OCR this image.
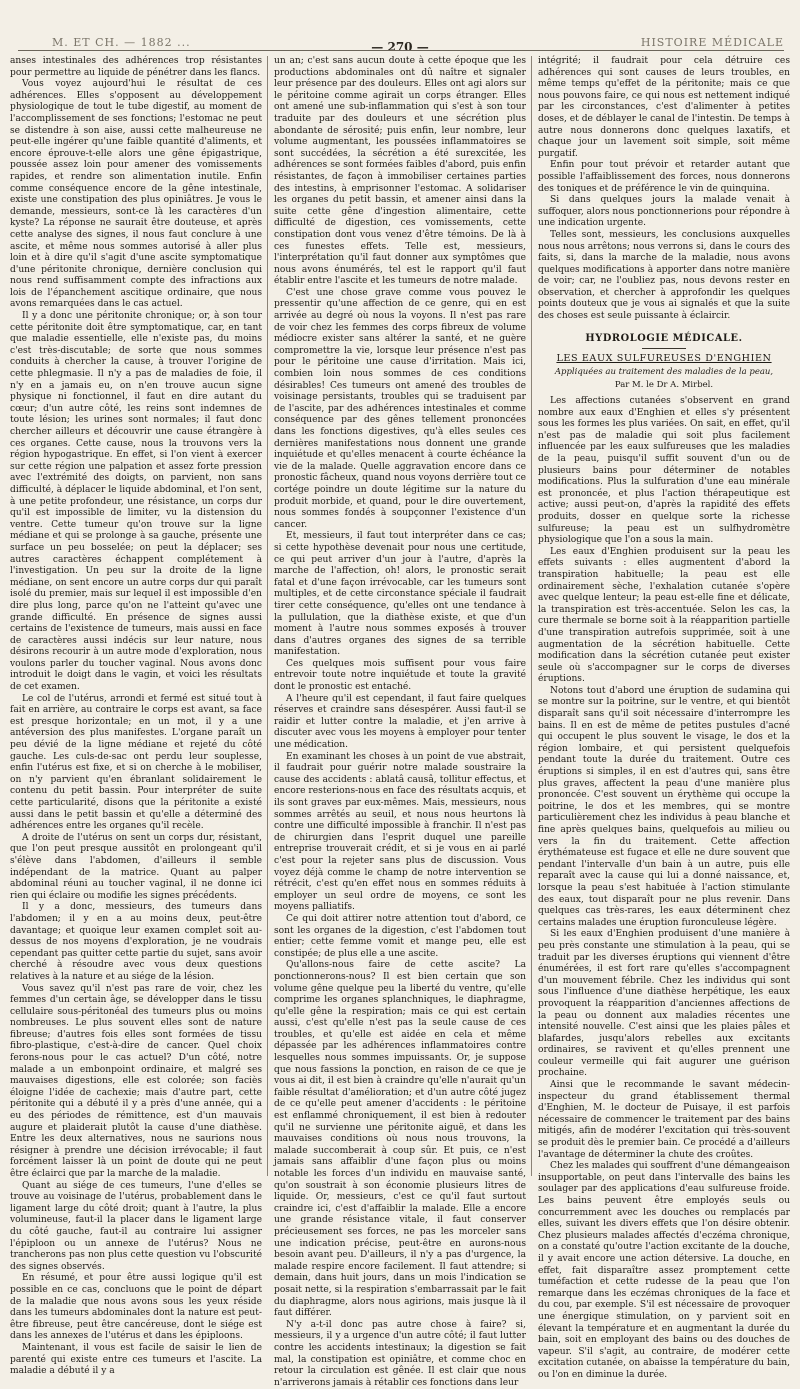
M. ET CH. — 1882 ...	— 270 —	HISTOIRE MÉDICALE

anses intestinales des adhérences trop résistantes pour permettre au liquide de pénétrer dans les flancs.

Vous voyez aujourd'hui le résultat de ces adhérences. Elles s'opposent au développement physiologique de tout le tube digestif, au moment de l'accomplissement de ses fonctions; l'estomac ne peut se distendre à son aise, aussi cette malheureuse ne peut-elle ingérer qu'une faible quantité d'aliments, et encore éprouve-t-elle alors une gêne épigastrique, poussée assez loin pour amener des vomissements rapides, et rendre son alimentation inutile. Enfin comme conséquence encore de la gêne intestinale, existe une constipation des plus opiniâtres. Je vous le demande, messieurs, sont-ce là les caractères d'un kyste? La réponse ne saurait être douteuse, et après cette analyse des signes, il nous faut conclure à une ascite, et même nous sommes autorisé à aller plus loin et à dire qu'il s'agit d'une ascite symptomatique d'une péritonite chronique, dernière conclusion qui nous rend suffisamment compte des infractions aux lois de l'épanchement ascitique ordinaire, que nous avons remarquées dans le cas actuel.

Il y a donc une péritonite chronique; or, à son tour cette péritonite doit être symptomatique, car, en tant que maladie essentielle, elle n'existe pas, du moins c'est très-discutable; de sorte que nous sommes conduits à chercher la cause, à trouver l'origine de cette phlegmasie. Il n'y a pas de maladies de foie, il n'y en a jamais eu, on n'en trouve aucun signe physique ni fonctionnel, il faut en dire autant du cœur; d'un autre côté, les reins sont indemnes de toute lésion; les urines sont normales; il faut donc chercher ailleurs et découvrir une cause étrangère à ces organes. Cette cause, nous la trouvons vers la région hypogastrique. En effet, si l'on vient à exercer sur cette région une palpation et assez forte pression avec l'extrémité des doigts, on parvient, non sans difficulté, à déplacer le liquide abdominal, et l'on sent, à une petite profondeur, une résistance, un corps dur qu'il est impossible de limiter, vu la distension du ventre. Cette tumeur qu'on trouve sur la ligne médiane et qui se prolonge à sa gauche, présente une surface un peu bosselée; on peut la déplacer; ses autres caractères échappent complétement à l'investigation. Un peu sur la droite de la ligne médiane, on sent encore un autre corps dur qui paraît isolé du premier, mais sur lequel il est impossible d'en dire plus long, parce qu'on ne l'atteint qu'avec une grande difficulté. En présence de signes aussi certains de l'existence de tumeurs, mais aussi en face de caractères aussi indécis sur leur nature, nous désirons recourir à un autre mode d'exploration, nous voulons parler du toucher vaginal. Nous avons donc introduit le doigt dans le vagin, et voici les résultats de cet examen.

Le col de l'utérus, arrondi et fermé est situé tout à fait en arrière, au contraire le corps est avant, sa face est presque horizontale; en un mot, il y a une antéversion des plus manifestes. L'organe paraît un peu dévié de la ligne médiane et rejeté du côté gauche. Les culs-de-sac ont perdu leur souplesse, enfin l'utérus est fixe, et si on cherche à le mobiliser, on n'y parvient qu'en ébranlant solidairement le contenu du petit bassin. Pour interpréter de suite cette particularité, disons que la péritonite a existé aussi dans le petit bassin et qu'elle a déterminé des adhérences entre les organes qu'il recèle.

A droite de l'utérus on sent un corps dur, résistant, que l'on peut presque aussitôt en prolongeant qu'il s'élève dans l'abdomen, d'ailleurs il semble indépendant de la matrice. Quant au palper abdominal réuni au toucher vaginal, il ne donne ici rien qui éclaire ou modifie les signes précédents.

Il y a donc, messieurs, des tumeurs dans l'abdomen; il y en a au moins deux, peut-être davantage; et quoique leur examen complet soit au-dessus de nos moyens d'exploration, je ne voudrais cependant pas quitter cette partie du sujet, sans avoir cherché à résoudre avec vous deux questions relatives à la nature et au siége de la lésion.

Vous savez qu'il n'est pas rare de voir, chez les femmes d'un certain âge, se développer dans le tissu cellulaire sous-péritonéal des tumeurs plus ou moins nombreuses. Le plus souvent elles sont de nature fibreuse; d'autres fois elles sont formées de tissu fibro-plastique, c'est-à-dire de cancer. Quel choix ferons-nous pour le cas actuel? D'un côté, notre malade a un embonpoint ordinaire, et malgré ses mauvaises digestions, elle est colorée; son faciès éloigne l'idée de cachexie; mais d'autre part, cette péritonite qui a débuté il y a près d'une année, qui a eu des périodes de rémittence, est d'un mauvais augure et plaiderait plutôt la cause d'une diathèse. Entre les deux alternatives, nous ne saurions nous résigner à prendre une décision irrévocable; il faut forcément laisser là un point de doute qui ne peut être éclairci que par la marche de la maladie.

Quant au siége de ces tumeurs, l'une d'elles se trouve au voisinage de l'utérus, probablement dans le ligament large du côté droit; quant à l'autre, la plus volumineuse, faut-il la placer dans le ligament large du côté gauche, faut-il au contraire lui assigner l'épiploon ou un annexe de l'utérus? Nous ne trancherons pas non plus cette question vu l'obscurité des signes observés.

En résumé, et pour être aussi logique qu'il est possible en ce cas, concluons que le point de départ de la maladie que nous avons sous les yeux réside dans les tumeurs abdominales dont la nature est peut-être fibreuse, peut être cancéreuse, dont le siége est dans les annexes de l'utérus et dans les épiploons.

Maintenant, il vous est facile de saisir le lien de parenté qui existe entre ces tumeurs et l'ascite. La maladie a débuté il y a

un an; c'est sans aucun doute à cette époque que les productions abdominales ont dû naître et signaler leur présence par des douleurs. Elles ont agi alors sur le péritoine comme agirait un corps étranger. Elles ont amené une sub-inflammation qui s'est à son tour traduite par des douleurs et une sécrétion plus abondante de sérosité; puis enfin, leur nombre, leur volume augmentant, les poussées inflammatoires se sont succédées, la sécrétion a été surexcitée, les adhérences se sont formées faibles d'abord, puis enfin résistantes, de façon à immobiliser certaines parties des intestins, à emprisonner l'estomac. A solidariser les organes du petit bassin, et amener ainsi dans la suite cette gêne d'ingestion alimentaire, cette difficulté de digestion, ces vomissements, cette constipation dont vous venez d'être témoins. De là à ces funestes effets. Telle est, messieurs, l'interprétation qu'il faut donner aux symptômes que nous avons énumérés, tel est le rapport qu'il faut établir entre l'ascite et les tumeurs de notre malade.

C'est une chose grave comme vous pouvez le pressentir qu'une affection de ce genre, qui en est arrivée au degré où nous la voyons. Il n'est pas rare de voir chez les femmes des corps fibreux de volume médiocre exister sans altérer la santé, et ne guère compromettre la vie, lorsque leur présence n'est pas pour le péritoine une cause d'irritation. Mais ici, combien loin nous sommes de ces conditions désirables! Ces tumeurs ont amené des troubles de voisinage persistants, troubles qui se traduisent par de l'ascite, par des adhérences intestinales et comme conséquence par des gênes tellement prononcées dans les fonctions digestives, qu'à elles seules ces dernières manifestations nous donnent une grande inquiétude et qu'elles menacent à courte échéance la vie de la malade. Quelle aggravation encore dans ce pronostic fâcheux, quand nous voyons derrière tout ce cortége poindre un doute légitime sur la nature du produit morbide, et quand, pour le dire ouvertement, nous sommes fondés à soupçonner l'existence d'un cancer.

Et, messieurs, il faut tout interpréter dans ce cas; si cette hypothèse devenait pour nous une certitude, ce qui peut arriver d'un jour à l'autre, d'après la marche de l'affection, oh! alors, le pronostic serait fatal et d'une façon irrévocable, car les tumeurs sont multiples, et de cette circonstance spéciale il faudrait tirer cette conséquence, qu'elles ont une tendance à la pullulation, que la diathèse existe, et que d'un moment à l'autre nous sommes exposés à trouver dans d'autres organes des signes de sa terrible manifestation.

Ces quelques mois suffisent pour vous faire entrevoir toute notre inquiétude et toute la gravité dont le pronostic est entaché.

A l'heure qu'il est cependant, il faut faire quelques réserves et craindre sans désespérer. Aussi faut-il se raidir et lutter contre la maladie, et j'en arrive à discuter avec vous les moyens à employer pour tenter une médication.

En examinant les choses à un point de vue abstrait, il faudrait pour guérir notre malade soustraire la cause des accidents : ablatâ causâ, tollitur effectus, et encore resterions-nous en face des résultats acquis, et ils sont graves par eux-mêmes. Mais, messieurs, nous sommes arrêtés au seuil, et nous nous heurtons là contre une difficulté impossible à franchir. Il n'est pas de chirurgien dans l'esprit duquel une pareille entreprise trouverait crédit, et si je vous en ai parlé c'est pour la rejeter sans plus de discussion. Vous voyez déjà comme le champ de notre intervention se rétrécit, c'est qu'en effet nous en sommes réduits à employer un seul ordre de moyens, ce sont les moyens palliatifs.

Ce qui doit attirer notre attention tout d'abord, ce sont les organes de la digestion, c'est l'abdomen tout entier; cette femme vomit et mange peu, elle est constipée; de plus elle a une ascite.

Qu'allons-nous faire de cette ascite? La ponctionnerons-nous? Il est bien certain que son volume gêne quelque peu la liberté du ventre, qu'elle comprime les organes splanchniques, le diaphragme, qu'elle gêne la respiration; mais ce qui est certain aussi, c'est qu'elle n'est pas la seule cause de ces troubles, et qu'elle est aidée en cela et même dépassée par les adhérences inflammatoires contre lesquelles nous sommes impuissants. Or, je suppose que nous fassions la ponction, en raison de ce que je vous ai dit, il est bien à craindre qu'elle n'aurait qu'un faible résultat d'amélioration; et d'un autre côté jugez de ce qu'elle peut amener d'accidents : le péritoine est enflammé chroniquement, il est bien à redouter qu'il ne survienne une péritonite aiguë, et dans les mauvaises conditions où nous nous trouvons, la malade succomberait à coup sûr. Et puis, ce n'est jamais sans affaiblir d'une façon plus ou moins notable les forces d'un individu en mauvaise santé, qu'on soustrait à son économie plusieurs litres de liquide. Or, messieurs, c'est ce qu'il faut surtout craindre ici, c'est d'affaiblir la malade. Elle a encore une grande résistance vitale, il faut conserver précieusement ses forces, ne pas les morceler sans une indication précise, peut-être en aurons-nous besoin avant peu. D'ailleurs, il n'y a pas d'urgence, la malade respire encore facilement. Il faut attendre; si demain, dans huit jours, dans un mois l'indication se posait nette, si la respiration s'embarrassait par le fait du diaphragme, alors nous agirions, mais jusque là il faut différer.

N'y a-t-il donc pas autre chose à faire? si, messieurs, il y a urgence d'un autre côté; il faut lutter contre les accidents intestinaux; la digestion se fait mal, la constipation est opiniâtre, et comme choc en retour la circulation est gênée. Il est clair que nous n'arriverons jamais à rétablir ces fonctions dans leur

intégrité; il faudrait pour cela détruire ces adhérences qui sont causes de leurs troubles, en même temps qu'effet de la péritonite; mais ce que nous pouvons faire, ce qui nous est nettement indiqué par les circonstances, c'est d'alimenter à petites doses, et de déblayer le canal de l'intestin. De temps à autre nous donnerons donc quelques laxatifs, et chaque jour un lavement soit simple, soit même purgatif.

Enfin pour tout prévoir et retarder autant que possible l'affaiblissement des forces, nous donnerons des toniques et de préférence le vin de quinquina.

Si dans quelques jours la malade venait à suffoquer, alors nous ponctionnerions pour répondre à une indication urgente.

Telles sont, messieurs, les conclusions auxquelles nous nous arrêtons; nous verrons si, dans le cours des faits, si, dans la marche de la maladie, nous avons quelques modifications à apporter dans notre manière de voir; car, ne l'oubliez pas, nous devons rester en observation, et chercher à approfondir les quelques points douteux que je vous ai signalés et que la suite des choses est seule puissante à éclaircir.

HYDROLOGIE MÉDICALE.
LES EAUX SULFUREUSES D'ENGHIEN
Appliquées au traitement des maladies de la peau,
Par M. le Dr A. Mirbel.

Les affections cutanées s'observent en grand nombre aux eaux d'Enghien et elles s'y présentent sous les formes les plus variées. On sait, en effet, qu'il n'est pas de maladie qui soit plus facilement influencée par les eaux sulfureuses que les maladies de la peau, puisqu'il suffit souvent d'un ou de plusieurs bains pour déterminer de notables modifications. Plus la sulfuration d'une eau minérale est prononcée, et plus l'action thérapeutique est active; aussi peut-on, d'après la rapidité des effets produits, dosser en quelque sorte la richesse sulfureuse; la peau est un sulfhydromètre physiologique que l'on a sous la main.

Les eaux d'Enghien produisent sur la peau les effets suivants : elles augmentent d'abord la transpiration habituelle; la peau est elle ordinairement sèche, l'exhalation cutanée s'opère avec quelque lenteur; la peau est-elle fine et délicate, la transpiration est très-accentuée. Selon les cas, la cure thermale se borne soit à la réapparition partielle d'une transpiration autrefois supprimée, soit à une augmentation de la sécrétion habituelle. Cette modification dans la sécrétion cutanée peut exister seule où s'accompagner sur le corps de diverses éruptions.

Notons tout d'abord une éruption de sudamina qui se montre sur la poitrine, sur le ventre, et qui bientôt disparaît sans qu'il soit nécessaire d'interrompre les bains. Il en est de même de petites pustules d'acné qui occupent le plus souvent le visage, le dos et la région lombaire, et qui persistent quelquefois pendant toute la durée du traitement. Outre ces éruptions si simples, il en est d'autres qui, sans être plus graves, affectent la peau d'une manière plus prononcée. C'est souvent un érythème qui occupe la poitrine, le dos et les membres, qui se montre particulièrement chez les individus à peau blanche et fine après quelques bains, quelquefois au milieu ou vers la fin du traitement. Cette affection érythémateuse est fugace et elle ne dure souvent que pendant l'intervalle d'un bain à un autre, puis elle reparaît avec la cause qui lui a donné naissance, et, lorsque la peau s'est habituée à l'action stimulante des eaux, tout disparaît pour ne plus revenir. Dans quelques cas très-rares, les eaux déterminent chez certains malades une éruption furonculeuse légère.

Si les eaux d'Enghien produisent d'une manière à peu près constante une stimulation à la peau, qui se traduit par les diverses éruptions qui viennent d'être énumérées, il est fort rare qu'elles s'accompagnent d'un mouvement fébrile. Chez les individus qui sont sous l'influence d'une diathèse herpétique, les eaux provoquent la réapparition d'anciennes affections de la peau ou donnent aux maladies récentes une intensité nouvelle. C'est ainsi que les plaies pâles et blafardes, jusqu'alors rebelles aux excitants ordinaires, se ravivent et qu'elles prennent une couleur vermeille qui fait augurer une guérison prochaine.

Ainsi que le recommande le savant médecin-inspecteur du grand établissement thermal d'Enghien, M. le docteur de Puisaye, il est parfois nécessaire de commencer le traitement par des bains mitigés, afin de modérer l'excitation qui très-souvent se produit dès le premier bain. Ce procédé a d'ailleurs l'avantage de déterminer la chute des croûtes.

Chez les malades qui souffrent d'une démangeaison insupportable, on peut dans l'intervalle des bains les soulager par des applications d'eau sulfureuse froide. Les bains peuvent être employés seuls ou concurremment avec les douches ou remplacés par elles, suivant les divers effets que l'on désire obtenir. Chez plusieurs malades affectés d'eczéma chronique, on a constaté qu'outre l'action excitante de la douche, il y avait encore une action détersive. La douche, en effet, fait disparaître assez promptement cette tuméfaction et cette rudesse de la peau que l'on remarque dans les eczémas chroniques de la face et du cou, par exemple. S'il est nécessaire de provoquer une énergique stimulation, on y parvient soit en élevant la température et en augmentant la durée du bain, soit en employant des bains ou des douches de vapeur. S'il s'agit, au contraire, de modérer cette excitation cutanée, on abaisse la température du bain, ou l'on en diminue la durée.
